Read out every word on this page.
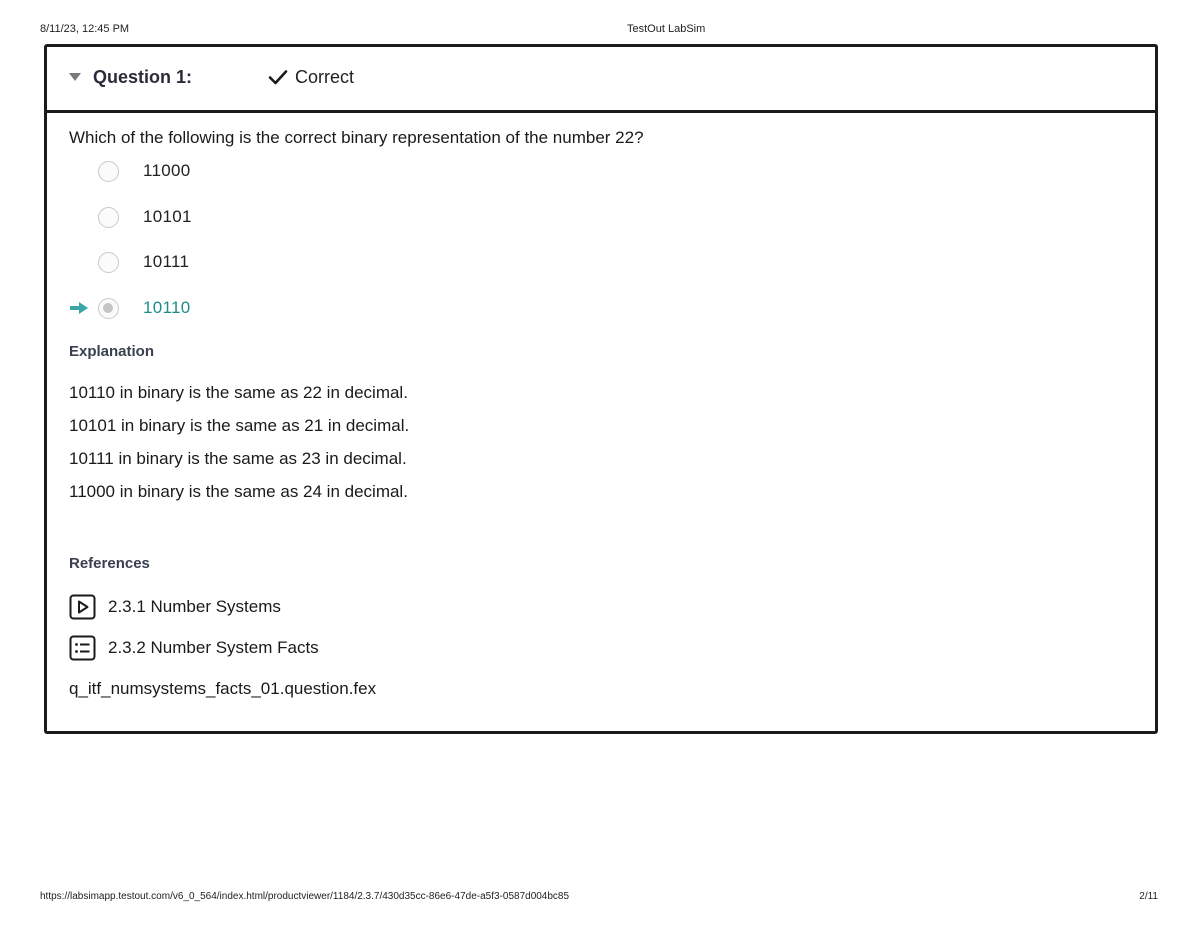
8/11/23, 12:45 PM	TestOut LabSim
Question 1:	Correct
Which of the following is the correct binary representation of the number 22?
11000
10101
10111
10110
Explanation
10110 in binary is the same as 22 in decimal.
10101 in binary is the same as 21 in decimal.
10111 in binary is the same as 23 in decimal.
11000 in binary is the same as 24 in decimal.
References
2.3.1 Number Systems
2.3.2 Number System Facts
q_itf_numsystems_facts_01.question.fex
https://labsimapp.testout.com/v6_0_564/index.html/productviewer/1184/2.3.7/430d35cc-86e6-47de-a5f3-0587d004bc85	2/11
